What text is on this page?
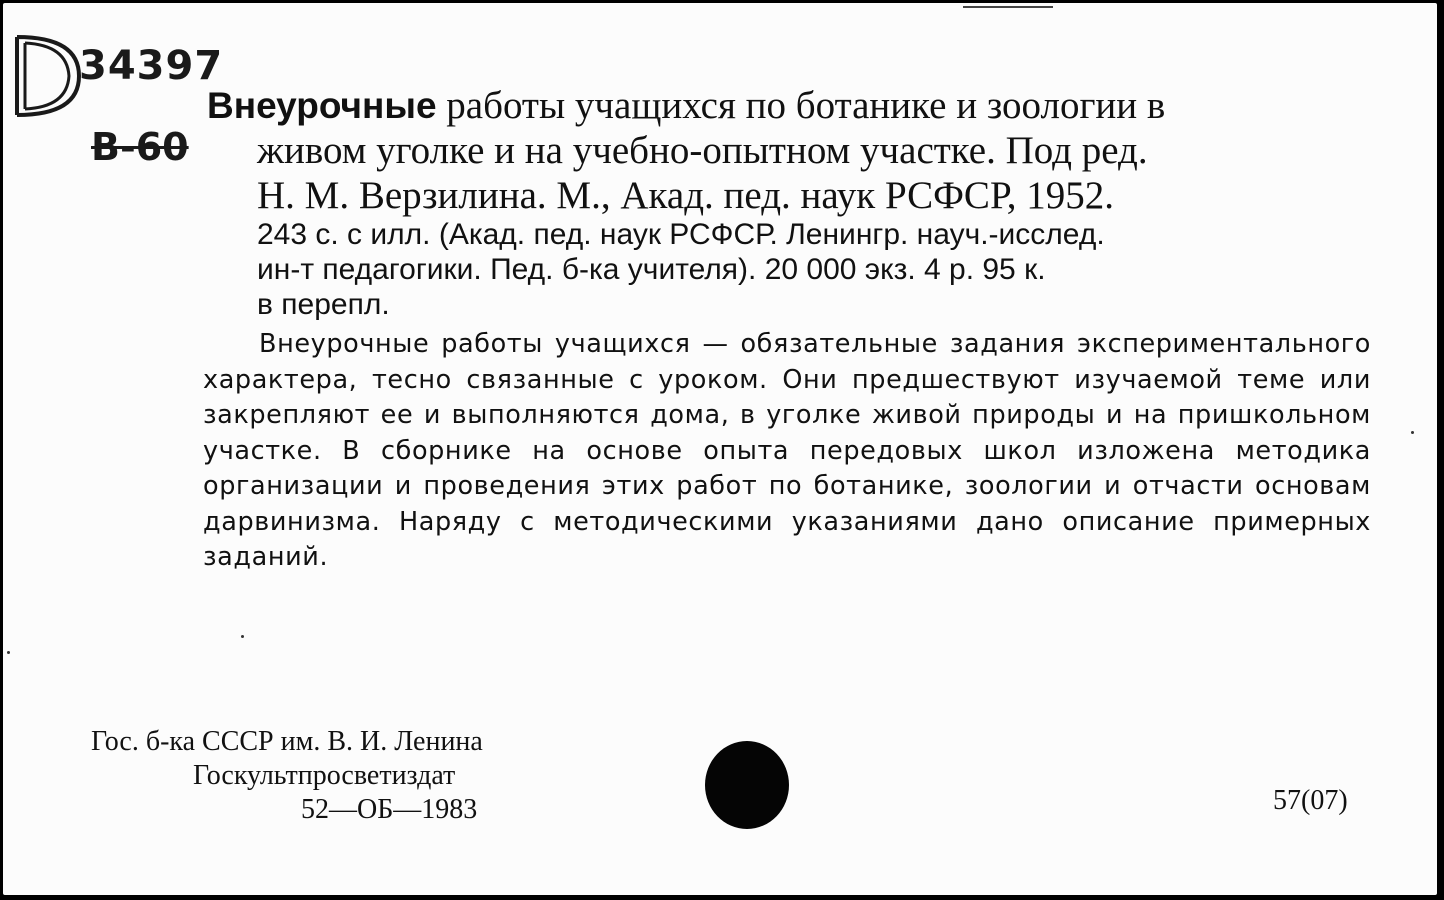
34397
В-60
Внеурочные работы учащихся по ботанике и зоологии в
живом уголке и на учебно-опытном участке. Под ред.
Н. М. Верзилина. М., Акад. пед. наук РСФСР, 1952.
243 с. с илл. (Акад. пед. наук РСФСР. Ленингр. науч.-исслед.
ин-т педагогики. Пед. б-ка учителя). 20 000 экз. 4 р. 95 к.
в перепл.
Внеурочные работы учащихся — обязательные задания экспериментального характера, тесно связанные с уроком. Они предшествуют изучаемой теме или закрепляют ее и выполняются дома, в уголке живой природы и на пришкольном участке. В сборнике на основе опыта передовых школ изложена методика организации и проведения этих работ по ботанике, зоологии и отчасти основам дарвинизма. Наряду с методическими указаниями дано описание примерных заданий.
Гос. б-ка СССР им. В. И. Ленина
Госкультпросветиздат
52—ОБ—1983	57(07)
